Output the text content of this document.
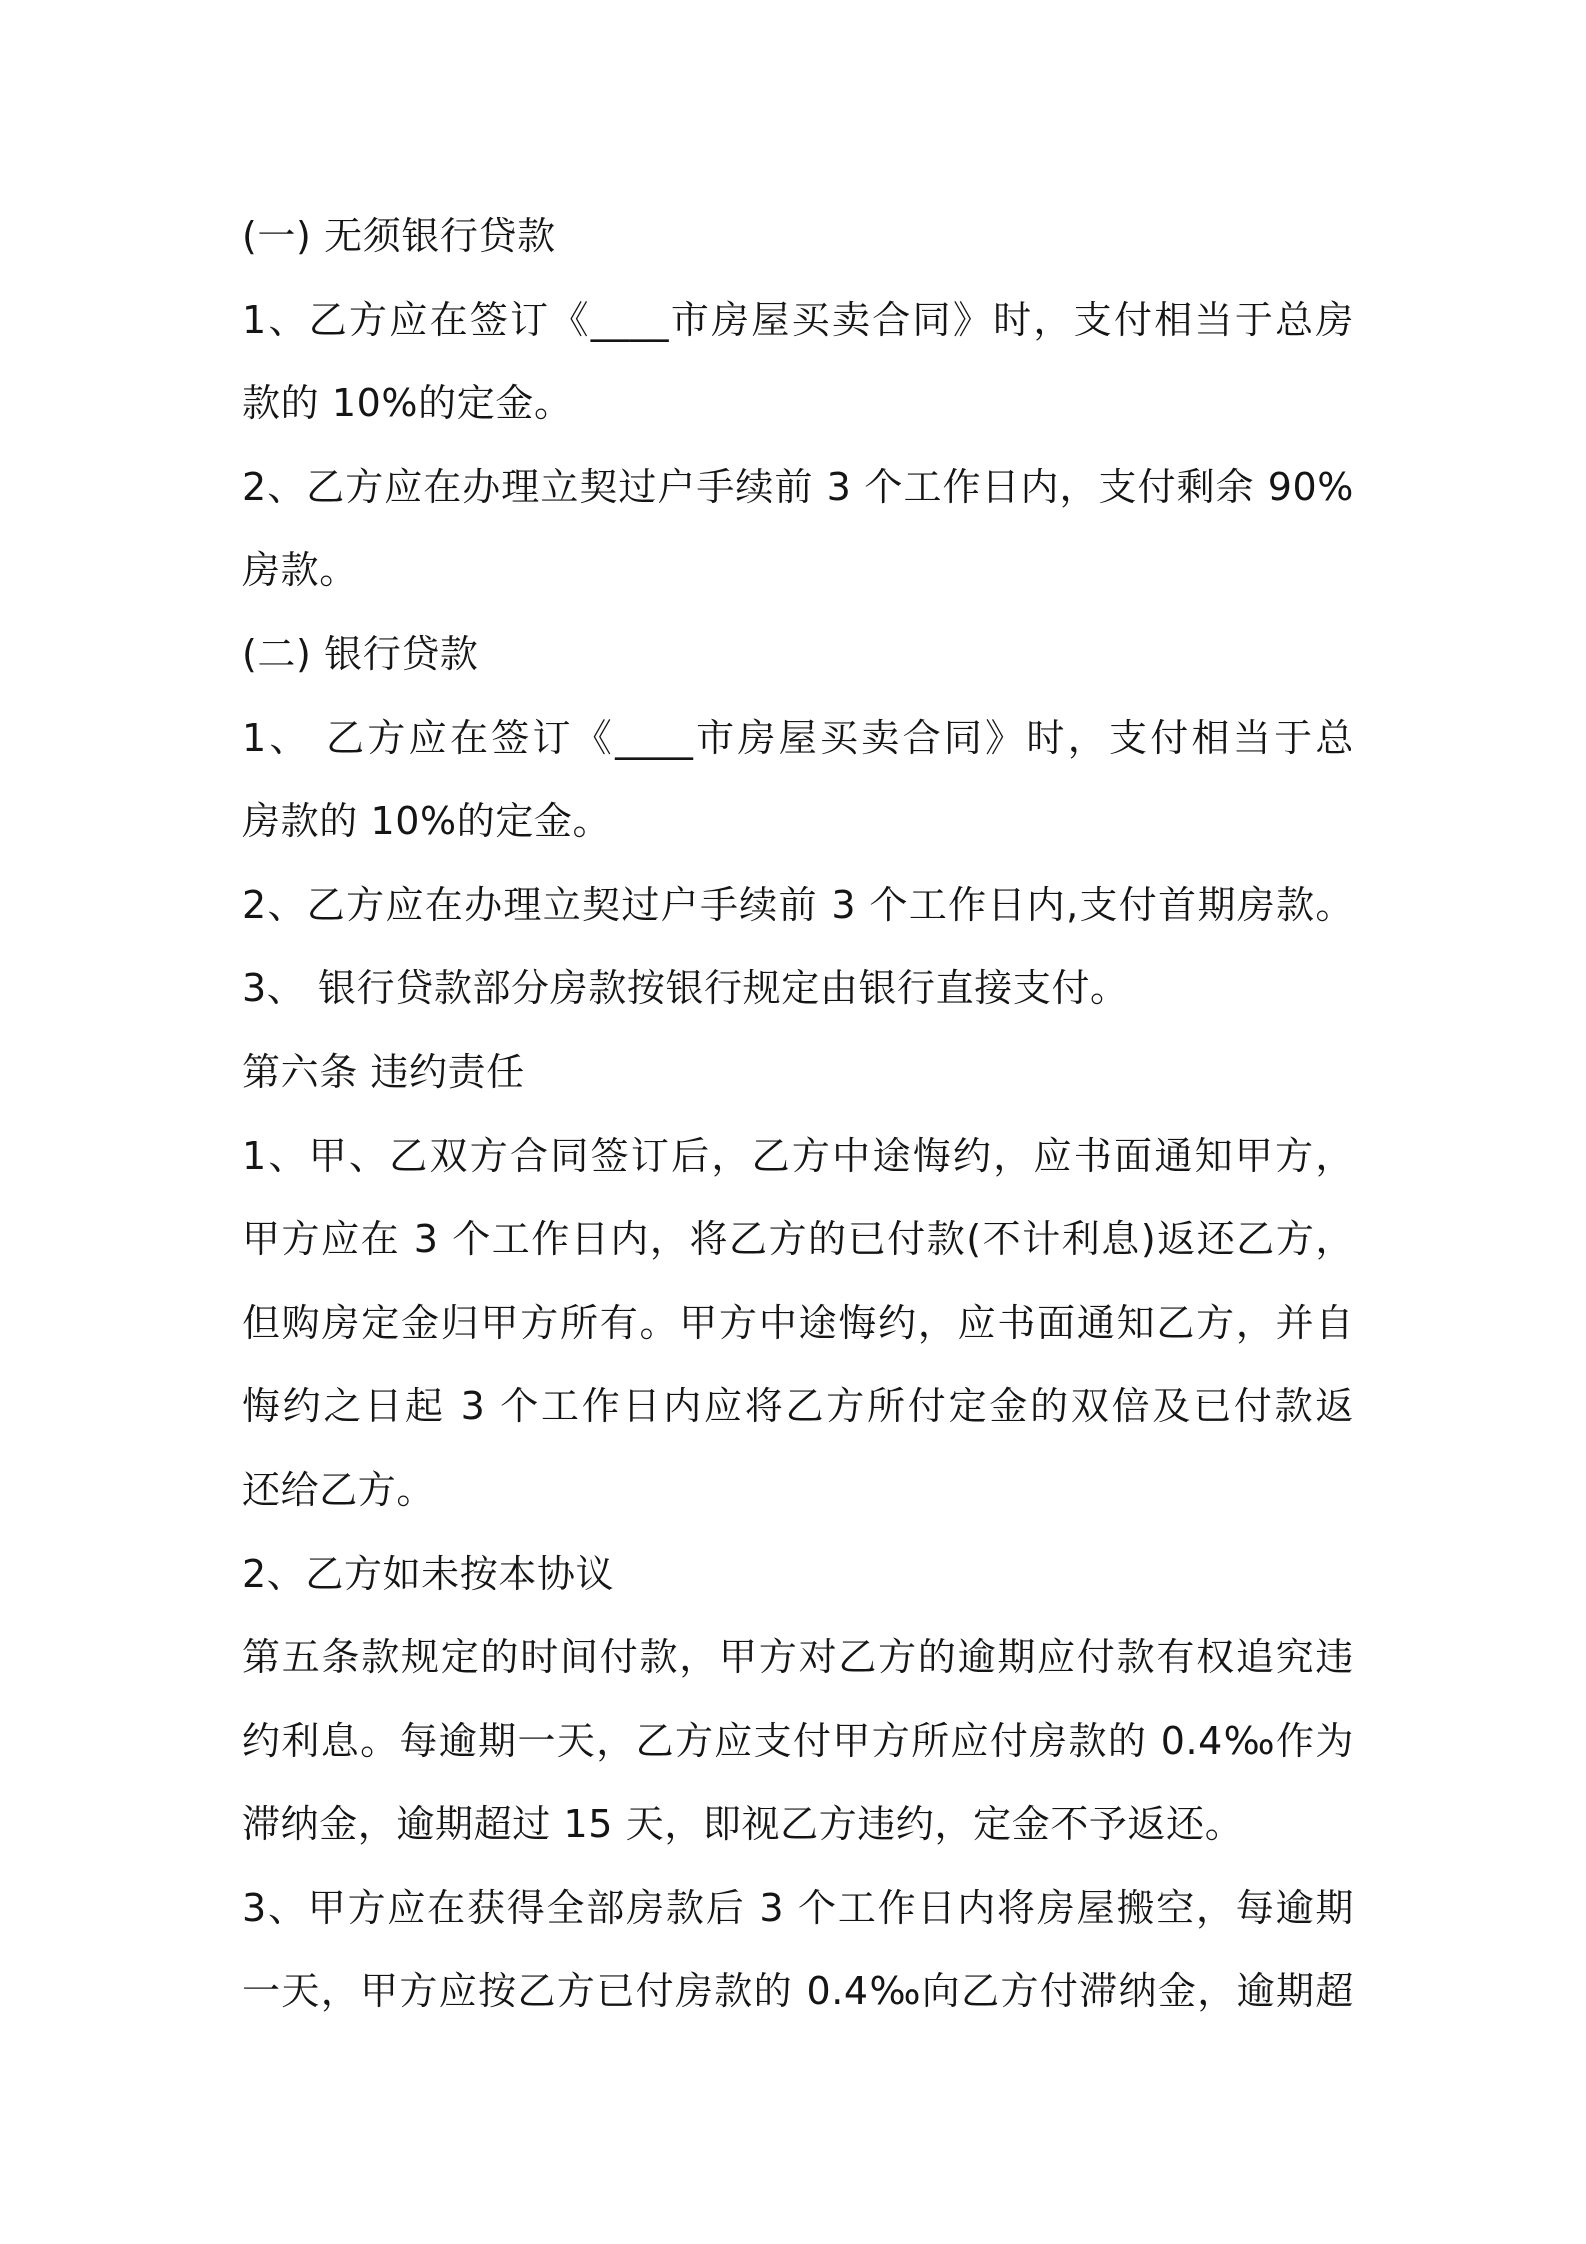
(一) 无须银行贷款
1、乙方应在签订《____市房屋买卖合同》时，支付相当于总房
款的 10%的定金。
2、乙方应在办理立契过户手续前 3 个工作日内，支付剩余 90%
房款。
(二) 银行贷款
1、 乙方应在签订《____市房屋买卖合同》时，支付相当于总
房款的 10%的定金。
2、乙方应在办理立契过户手续前 3 个工作日内,支付首期房款。
3、 银行贷款部分房款按银行规定由银行直接支付。
第六条 违约责任
1、甲、乙双方合同签订后，乙方中途悔约，应书面通知甲方，
甲方应在 3 个工作日内，将乙方的已付款(不计利息)返还乙方，
但购房定金归甲方所有。甲方中途悔约，应书面通知乙方，并自
悔约之日起 3 个工作日内应将乙方所付定金的双倍及已付款返
还给乙方。
2、乙方如未按本协议
第五条款规定的时间付款，甲方对乙方的逾期应付款有权追究违
约利息。每逾期一天，乙方应支付甲方所应付房款的 0.4‰作为
滞纳金，逾期超过 15 天，即视乙方违约，定金不予返还。
3、甲方应在获得全部房款后 3 个工作日内将房屋搬空，每逾期
一天，甲方应按乙方已付房款的 0.4‰向乙方付滞纳金，逾期超
